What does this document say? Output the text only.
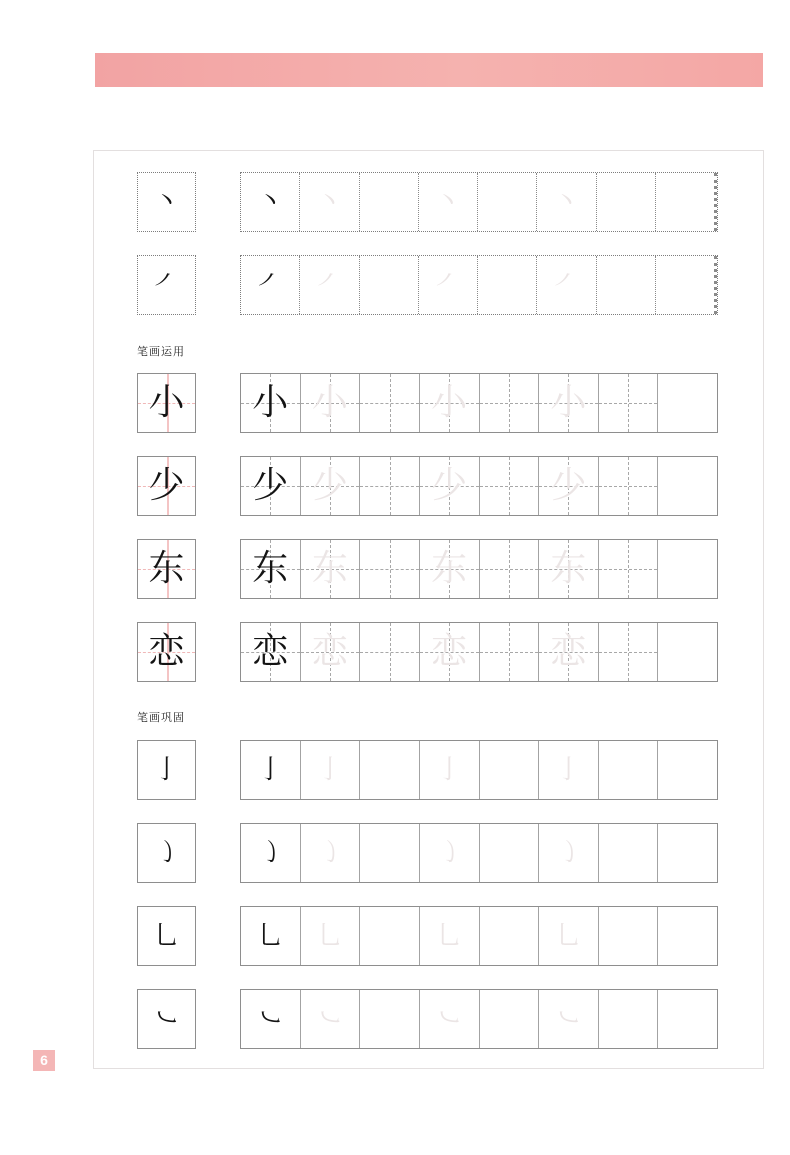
丶	丶 丶	丶	丶
㇒	㇒ ㇒	㇒	㇒
笔画运用
小 小 小 小 小
少 少 少 少 少
东 东 东 东 东
恋 恋 恋 恋 恋
笔画巩固
亅	亅 亅	亅	亅
㇁	㇁ ㇁	㇁	㇁
乚	乚 乚	乚	乚
㇃	㇃ ㇃	㇃	㇃
6
